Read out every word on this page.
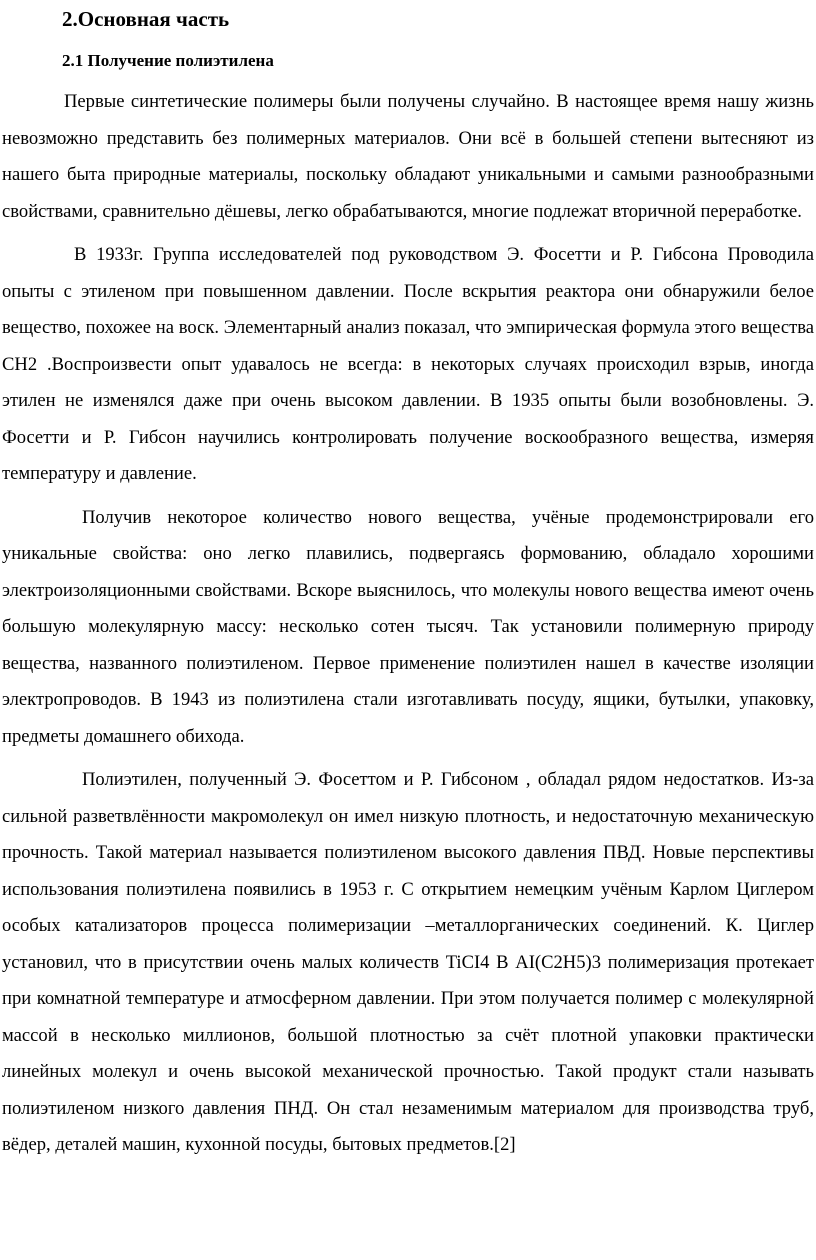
2.Основная часть
2.1 Получение полиэтилена

Первые синтетические полимеры были получены случайно. В настоящее время нашу жизнь невозможно представить без полимерных материалов. Они всё в большей степени вытесняют из нашего быта природные материалы, поскольку обладают уникальными и самыми разнообразными свойствами, сравнительно дёшевы, легко обрабатываются, многие подлежат вторичной переработке.

В 1933г. Группа исследователей под руководством Э. Фосетти и Р. Гибсона Проводила опыты с этиленом при повышенном давлении. После вскрытия реактора они обнаружили белое вещество, похожее на воск. Элементарный анализ показал, что эмпирическая формула этого вещества СН2 .Воспроизвести опыт удавалось не всегда: в некоторых случаях происходил взрыв, иногда этилен не изменялся даже при очень высоком давлении. В 1935 опыты были возобновлены. Э. Фосетти и Р. Гибсон научились контролировать получение воскообразного вещества, измеряя температуру и давление.

Получив некоторое количество нового вещества, учёные продемонстрировали его уникальные свойства: оно легко плавились, подвергаясь формованию, обладало хорошими электроизоляционными свойствами. Вскоре выяснилось, что молекулы нового вещества имеют очень большую молекулярную массу: несколько сотен тысяч. Так установили полимерную природу вещества, названного полиэтиленом. Первое применение полиэтилен нашел в качестве изоляции электропроводов. В 1943 из полиэтилена стали изготавливать посуду, ящики, бутылки, упаковку, предметы домашнего обихода.

Полиэтилен, полученный Э. Фосеттом и Р. Гибсоном , обладал рядом недостатков. Из-за сильной разветвлённости макромолекул он имел низкую плотность, и недостаточную механическую прочность. Такой материал называется полиэтиленом высокого давления ПВД. Новые перспективы использования полиэтилена появились в 1953 г. С открытием немецким учёным Карлом Циглером особых катализаторов процесса полимеризации –металлорганических соединений. К. Циглер установил, что в присутствии очень малых количеств TiCI4 В AI(C2H5)3 полимеризация протекает при комнатной температуре и атмосферном давлении. При этом получается полимер с молекулярной массой в несколько миллионов, большой плотностью за счёт плотной упаковки практически линейных молекул и очень высокой механической прочностью. Такой продукт стали называть полиэтиленом низкого давления ПНД. Он стал незаменимым материалом для производства труб, вёдер, деталей машин, кухонной посуды, бытовых предметов.[2]
